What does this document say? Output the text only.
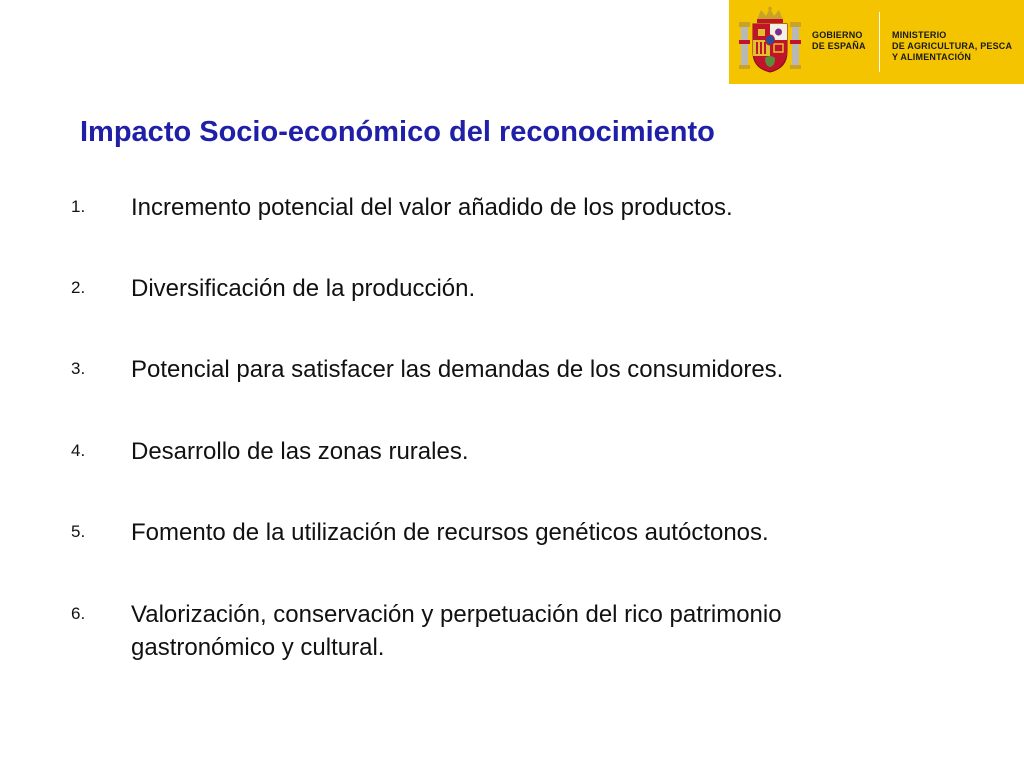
GOBIERNO
DE ESPAÑA
MINISTERIO
DE AGRICULTURA, PESCA
Y ALIMENTACIÓN
Impacto Socio-económico del reconocimiento
1. Incremento potencial del valor añadido de los productos.
2. Diversificación de la producción.
3. Potencial para satisfacer las demandas de los consumidores.
4. Desarrollo de las zonas rurales.
5. Fomento de la utilización de recursos genéticos autóctonos.
6. Valorización, conservación y perpetuación del rico patrimonio gastronómico y cultural.
